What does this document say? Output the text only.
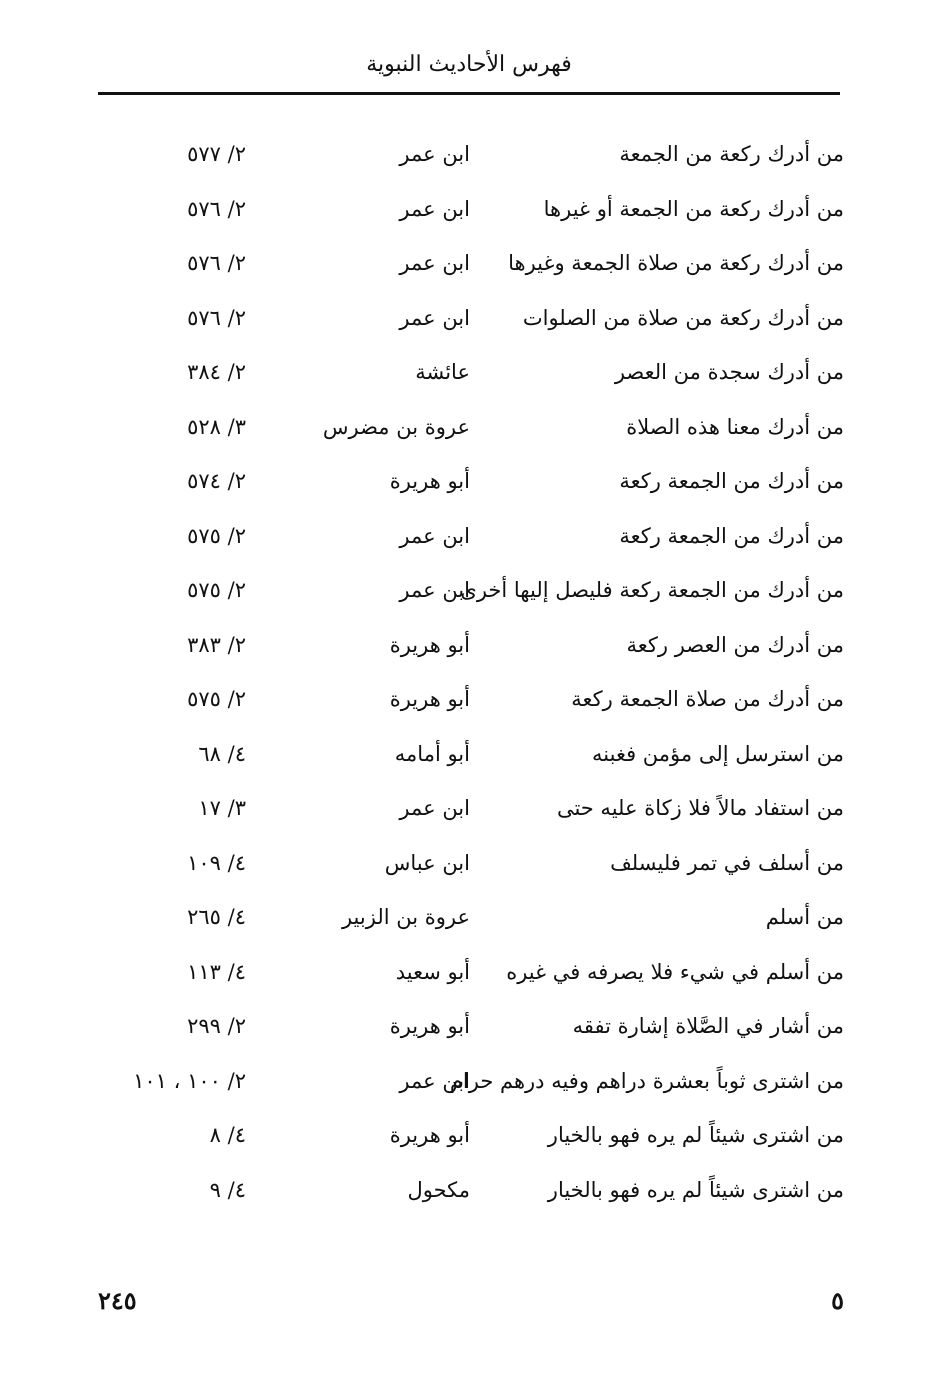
فهرس الأحاديث النبوية
من أدرك ركعة من الجمعة
ابن عمر
٢/ ٥٧٧
من أدرك ركعة من الجمعة أو غيرها
ابن عمر
٢/ ٥٧٦
من أدرك ركعة من صلاة الجمعة وغيرها
ابن عمر
٢/ ٥٧٦
من أدرك ركعة من صلاة من الصلوات
ابن عمر
٢/ ٥٧٦
من أدرك سجدة من العصر
عائشة
٢/ ٣٨٤
من أدرك معنا هذه الصلاة
عروة بن مضرس
٣/ ٥٢٨
من أدرك من الجمعة ركعة
أبو هريرة
٢/ ٥٧٤
من أدرك من الجمعة ركعة
ابن عمر
٢/ ٥٧٥
من أدرك من الجمعة ركعة فليصل إليها أخرى
ابن عمر
٢/ ٥٧٥
من أدرك من العصر ركعة
أبو هريرة
٢/ ٣٨٣
من أدرك من صلاة الجمعة ركعة
أبو هريرة
٢/ ٥٧٥
من استرسل إلى مؤمن فغبنه
أبو أمامه
٤/ ٦٨
من استفاد مالاً فلا زكاة عليه حتى
ابن عمر
٣/ ١٧
من أسلف في تمر فليسلف
ابن عباس
٤/ ١٠٩
من أسلم
عروة بن الزبير
٤/ ٢٦٥
من أسلم في شيء فلا يصرفه في غيره
أبو سعيد
٤/ ١١٣
من أشار في الصَّلاة إشارة تفقه
أبو هريرة
٢/ ٢٩٩
من اشترى ثوباً بعشرة دراهم وفيه درهم حرام
ابن عمر
٢/ ١٠٠ ، ١٠١
من اشترى شيئاً لم يره فهو بالخيار
أبو هريرة
٤/ ٨
من اشترى شيئاً لم يره فهو بالخيار
مكحول
٤/ ٩
٥
٢٤٥
